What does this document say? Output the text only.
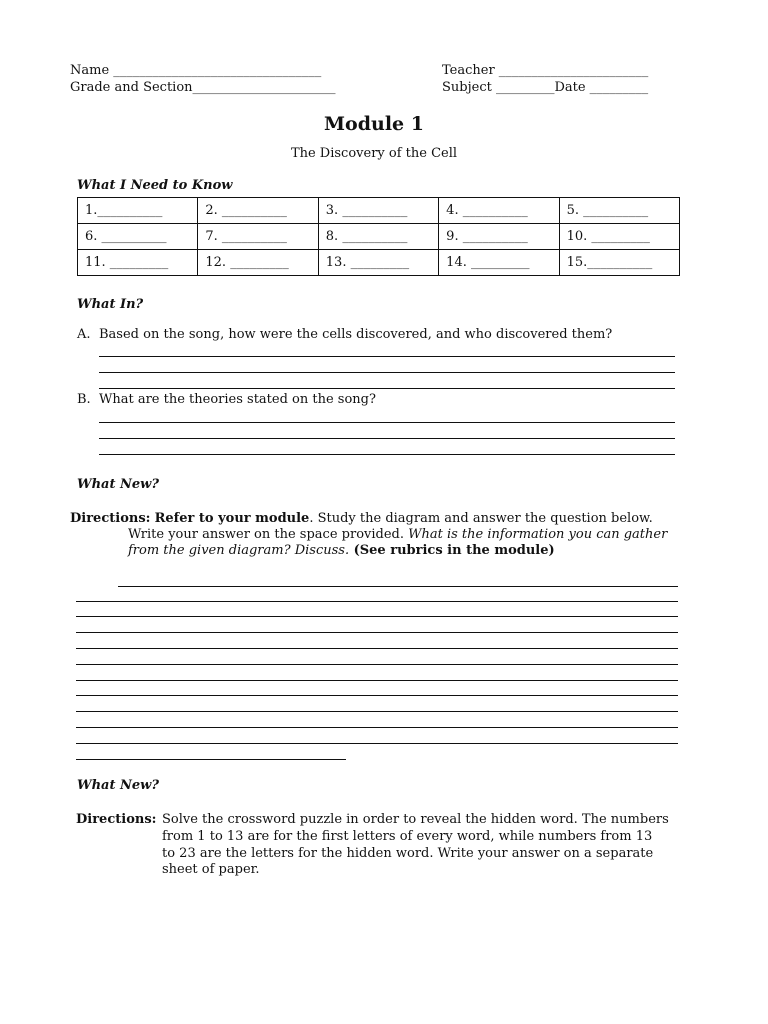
Name ________________________________
Grade and Section______________________
Teacher _______________________
Subject _________Date _________
Module 1
The Discovery of the Cell
What I Need to Know
1.__________	2. __________	3. __________	4. __________	5. __________
6. __________	7. __________	8. __________	9. __________	10. _________
11. _________	12. _________	13. _________	14. _________	15.__________
What In?
A. Based on the song, how were the cells discovered, and who discovered them?
B. What are the theories stated on the song?
What New?
Directions: Refer to your module. Study the diagram and answer the question below.
Write your answer on the space provided. What is the information you can gather
from the given diagram? Discuss. (See rubrics in the module)
What New?
Directions: Solve the crossword puzzle in order to reveal the hidden word. The numbers
from 1 to 13 are for the first letters of every word, while numbers from 13
to 23 are the letters for the hidden word. Write your answer on a separate
sheet of paper.
